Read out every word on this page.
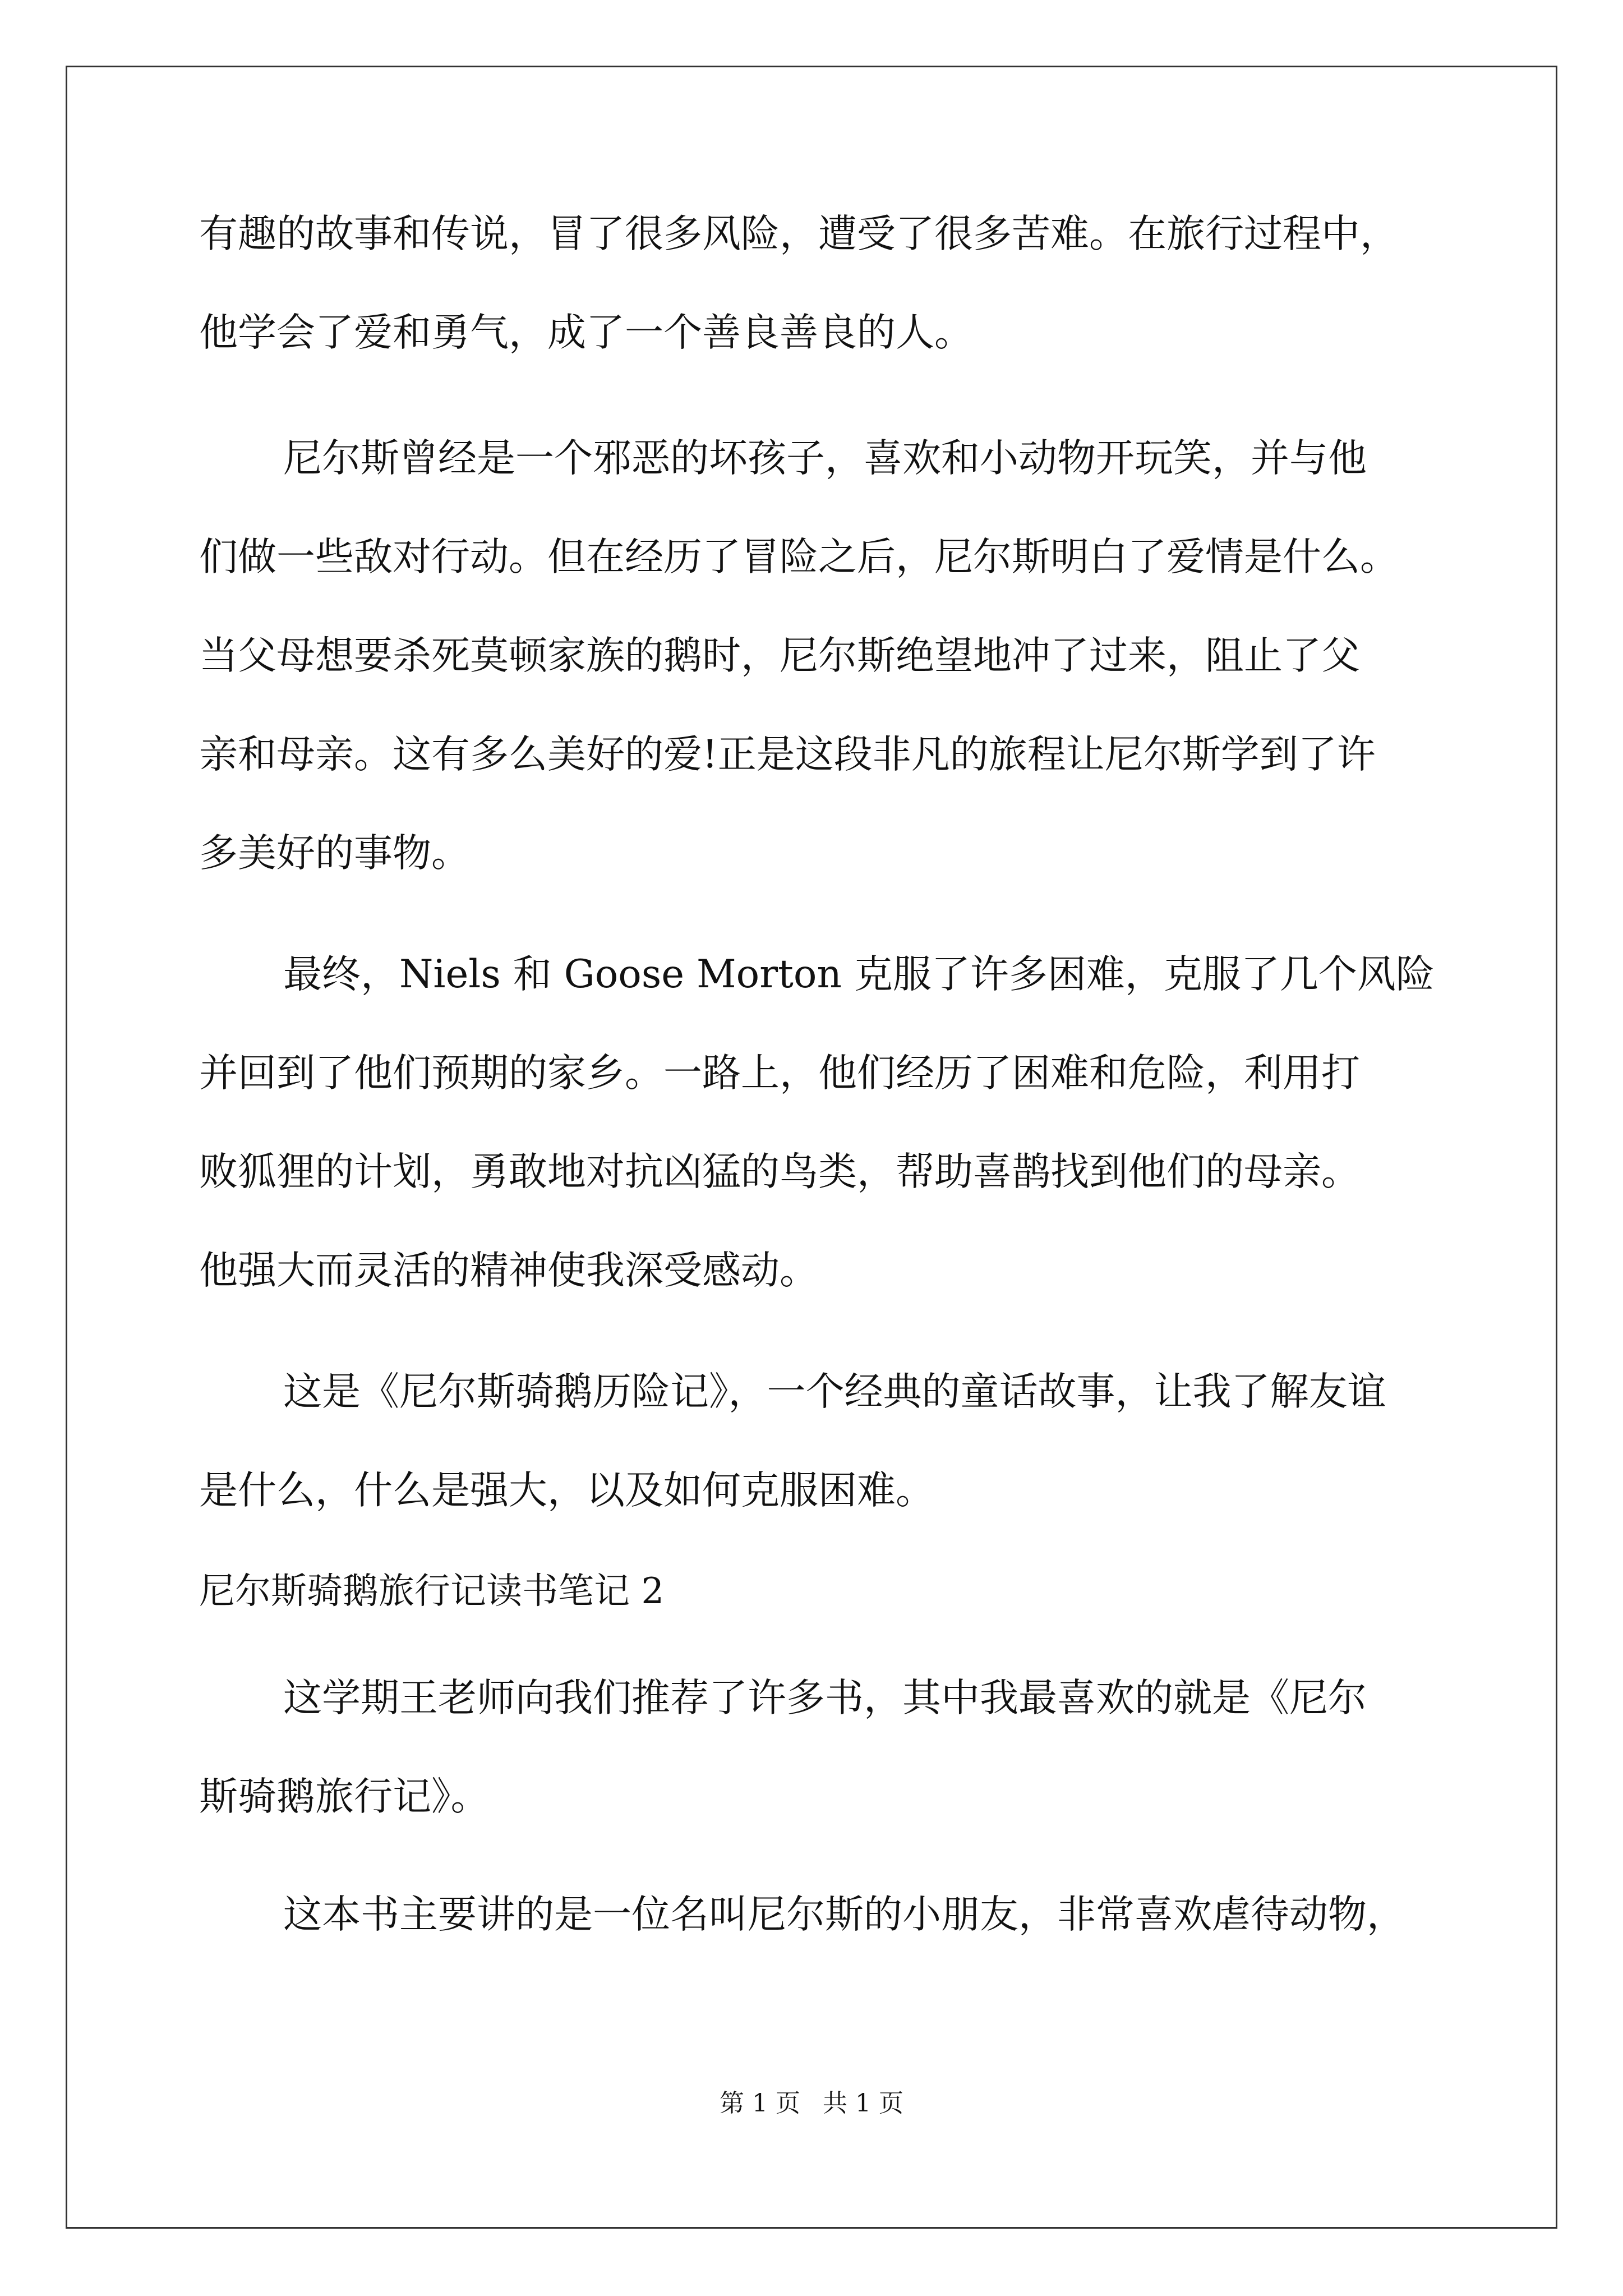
有趣的故事和传说，冒了很多风险，遭受了很多苦难。在旅行过程中，
他学会了爱和勇气，成了一个善良善良的人。
尼尔斯曾经是一个邪恶的坏孩子，喜欢和小动物开玩笑，并与他
们做一些敌对行动。但在经历了冒险之后，尼尔斯明白了爱情是什么。
当父母想要杀死莫顿家族的鹅时，尼尔斯绝望地冲了过来，阻止了父
亲和母亲。这有多么美好的爱!正是这段非凡的旅程让尼尔斯学到了许
多美好的事物。
最终，Niels 和 Goose Morton 克服了许多困难，克服了几个风险
并回到了他们预期的家乡。一路上，他们经历了困难和危险，利用打
败狐狸的计划，勇敢地对抗凶猛的鸟类，帮助喜鹊找到他们的母亲。
他强大而灵活的精神使我深受感动。
这是《尼尔斯骑鹅历险记》，一个经典的童话故事，让我了解友谊
是什么，什么是强大，以及如何克服困难。
尼尔斯骑鹅旅行记读书笔记 2
这学期王老师向我们推荐了许多书，其中我最喜欢的就是《尼尔
斯骑鹅旅行记》。
这本书主要讲的是一位名叫尼尔斯的小朋友，非常喜欢虐待动物，
第 1 页 共 1 页
